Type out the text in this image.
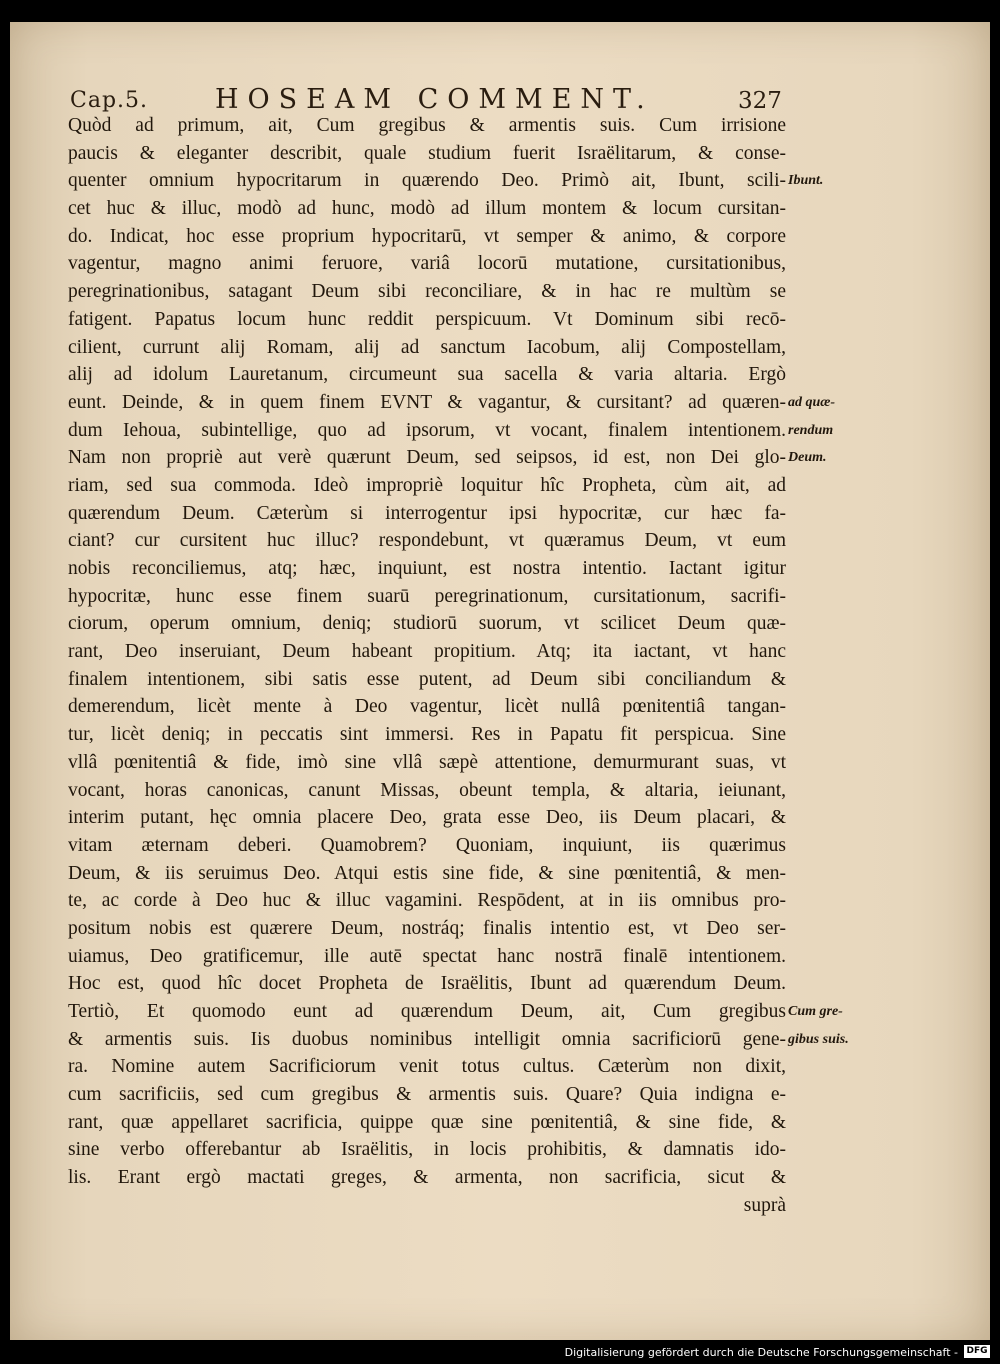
Cap.5. HOSEAM COMMENT.	327
Quòd ad primum, ait, Cum gregibus & armentis suis. Cum irrisione
paucis & eleganter describit, quale studium fuerit Israëlitarum, & conse-
quenter omnium hypocritarum in quærendo Deo. Primò ait, Ibunt, scili-
cet huc & illuc, modò ad hunc, modò ad illum montem & locum cursitan-
do. Indicat, hoc esse proprium hypocritarū, vt semper & animo, & corpore
vagentur, magno animi feruore, variâ locorū mutatione, cursitationibus,
peregrinationibus, satagant Deum sibi reconciliare, & in hac re multùm se
fatigent. Papatus locum hunc reddit perspicuum. Vt Dominum sibi recō-
cilient, currunt alij Romam, alij ad sanctum Iacobum, alij Compostellam,
alij ad idolum Lauretanum, circumeunt sua sacella & varia altaria. Ergò
eunt. Deinde, & in quem finem EVNT & vagantur, & cursitant? ad quæren-
dum Iehoua, subintellige, quo ad ipsorum, vt vocant, finalem intentionem.
Nam non propriè aut verè quærunt Deum, sed seipsos, id est, non Dei glo-
riam, sed sua commoda. Ideò impropriè loquitur hîc Propheta, cùm ait, ad
quærendum Deum. Cæterùm si interrogentur ipsi hypocritæ, cur hæc fa-
ciant? cur cursitent huc illuc? respondebunt, vt quæramus Deum, vt eum
nobis reconciliemus, atq; hæc, inquiunt, est nostra intentio. Iactant igitur
hypocritæ, hunc esse finem suarū peregrinationum, cursitationum, sacrifi-
ciorum, operum omnium, deniq; studiorū suorum, vt scilicet Deum quæ-
rant, Deo inseruiant, Deum habeant propitium. Atq; ita iactant, vt hanc
finalem intentionem, sibi satis esse putent, ad Deum sibi conciliandum &
demerendum, licèt mente à Deo vagentur, licèt nullâ pœnitentiâ tangan-
tur, licèt deniq; in peccatis sint immersi. Res in Papatu fit perspicua. Sine
vllâ pœnitentiâ & fide, imò sine vllâ sæpè attentione, demurmurant suas, vt
vocant, horas canonicas, canunt Missas, obeunt templa, & altaria, ieiunant,
interim putant, hęc omnia placere Deo, grata esse Deo, iis Deum placari, &
vitam æternam deberi. Quamobrem? Quoniam, inquiunt, iis quærimus
Deum, & iis seruimus Deo. Atqui estis sine fide, & sine pœnitentiâ, & men-
te, ac corde à Deo huc & illuc vagamini. Respōdent, at in iis omnibus pro-
positum nobis est quærere Deum, nostráq; finalis intentio est, vt Deo ser-
uiamus, Deo gratificemur, ille autē spectat hanc nostrā finalē intentionem.
Hoc est, quod hîc docet Propheta de Israëlitis, Ibunt ad quærendum Deum.
Tertiò, Et quomodo eunt ad quærendum Deum, ait, Cum gregibus
& armentis suis. Iis duobus nominibus intelligit omnia sacrificiorū gene-
ra. Nomine autem Sacrificiorum venit totus cultus. Cæterùm non dixit,
cum sacrificiis, sed cum gregibus & armentis suis. Quare? Quia indigna e-
rant, quæ appellaret sacrificia, quippe quæ sine pœnitentiâ, & sine fide, &
sine verbo offerebantur ab Israëlitis, in locis prohibitis, & damnatis ido-
lis. Erant ergò mactati greges, & armenta, non sacrificia, sicut &
suprà
Ibunt.
ad quæ-
rendum
Deum.
Cum gre-
gibus suis.
Digitalisierung gefördert durch die Deutsche Forschungsgemeinschaft - DFG
